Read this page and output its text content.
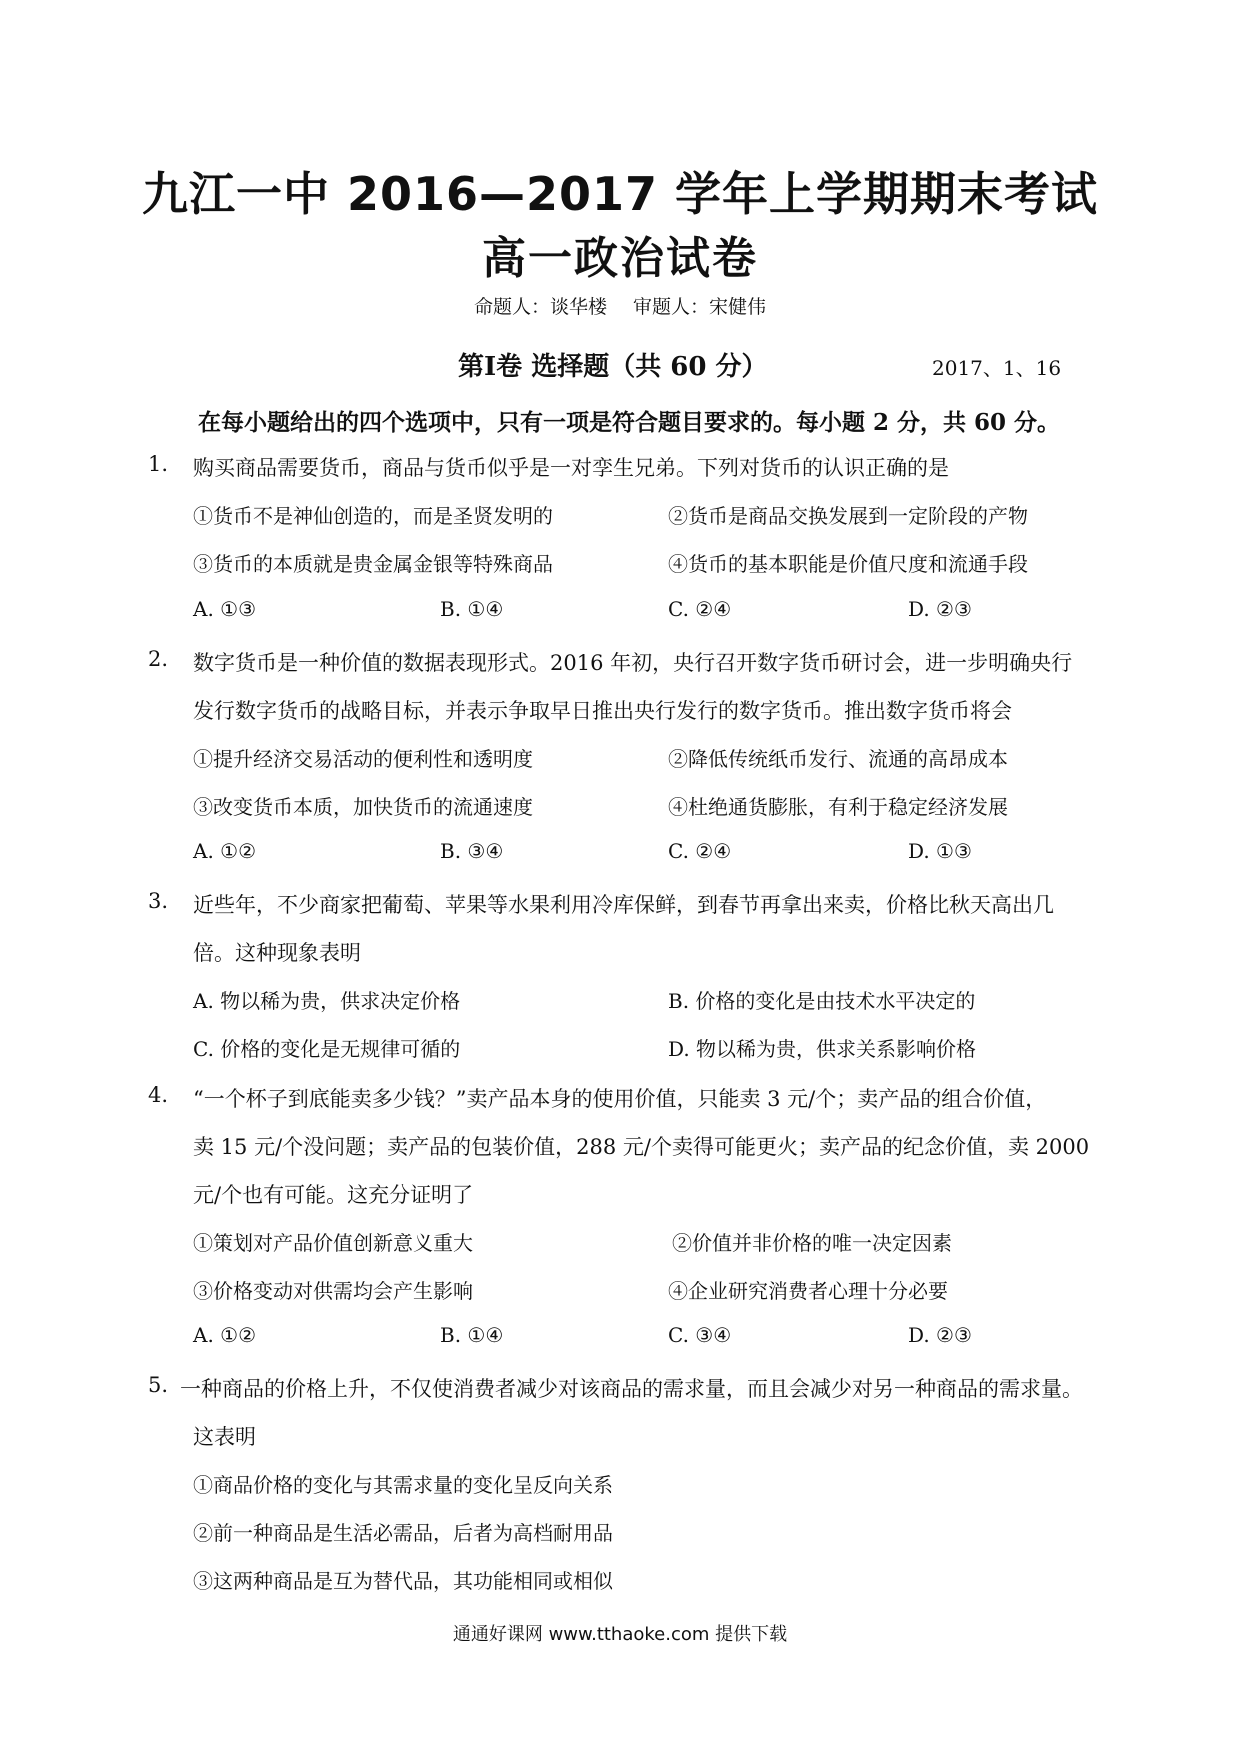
九江一中 2016—2017 学年上学期期末考试
高一政治试卷
命题人：谈华楼 审题人：宋健伟
第Ⅰ卷 选择题（共 60 分）	2017、1、16
在每小题给出的四个选项中，只有一项是符合题目要求的。每小题 2 分，共 60 分。
1. 购买商品需要货币，商品与货币似乎是一对孪生兄弟。下列对货币的认识正确的是
①货币不是神仙创造的，而是圣贤发明的	②货币是商品交换发展到一定阶段的产物
③货币的本质就是贵金属金银等特殊商品	④货币的基本职能是价值尺度和流通手段
A. ①③	B. ①④	C. ②④	D. ②③
2. 数字货币是一种价值的数据表现形式。2016 年初，央行召开数字货币研讨会，进一步明确央行
发行数字货币的战略目标，并表示争取早日推出央行发行的数字货币。推出数字货币将会
①提升经济交易活动的便利性和透明度	②降低传统纸币发行、流通的高昂成本
③改变货币本质，加快货币的流通速度	④杜绝通货膨胀，有利于稳定经济发展
A. ①②	B. ③④	C. ②④	D. ①③
3. 近些年，不少商家把葡萄、苹果等水果利用冷库保鲜，到春节再拿出来卖，价格比秋天高出几
倍。这种现象表明
A. 物以稀为贵，供求决定价格	B. 价格的变化是由技术水平决定的
C. 价格的变化是无规律可循的	D. 物以稀为贵，供求关系影响价格
4. “一个杯子到底能卖多少钱？”卖产品本身的使用价值，只能卖 3 元/个；卖产品的组合价值，
卖 15 元/个没问题；卖产品的包装价值，288 元/个卖得可能更火；卖产品的纪念价值，卖 2000
元/个也有可能。这充分证明了
①策划对产品价值创新意义重大	②价值并非价格的唯一决定因素
③价格变动对供需均会产生影响	④企业研究消费者心理十分必要
A. ①②	B. ①④	C. ③④	D. ②③
5. 一种商品的价格上升，不仅使消费者减少对该商品的需求量，而且会减少对另一种商品的需求量。
这表明
①商品价格的变化与其需求量的变化呈反向关系
②前一种商品是生活必需品，后者为高档耐用品
③这两种商品是互为替代品，其功能相同或相似
通通好课网 www.tthaoke.com 提供下载
